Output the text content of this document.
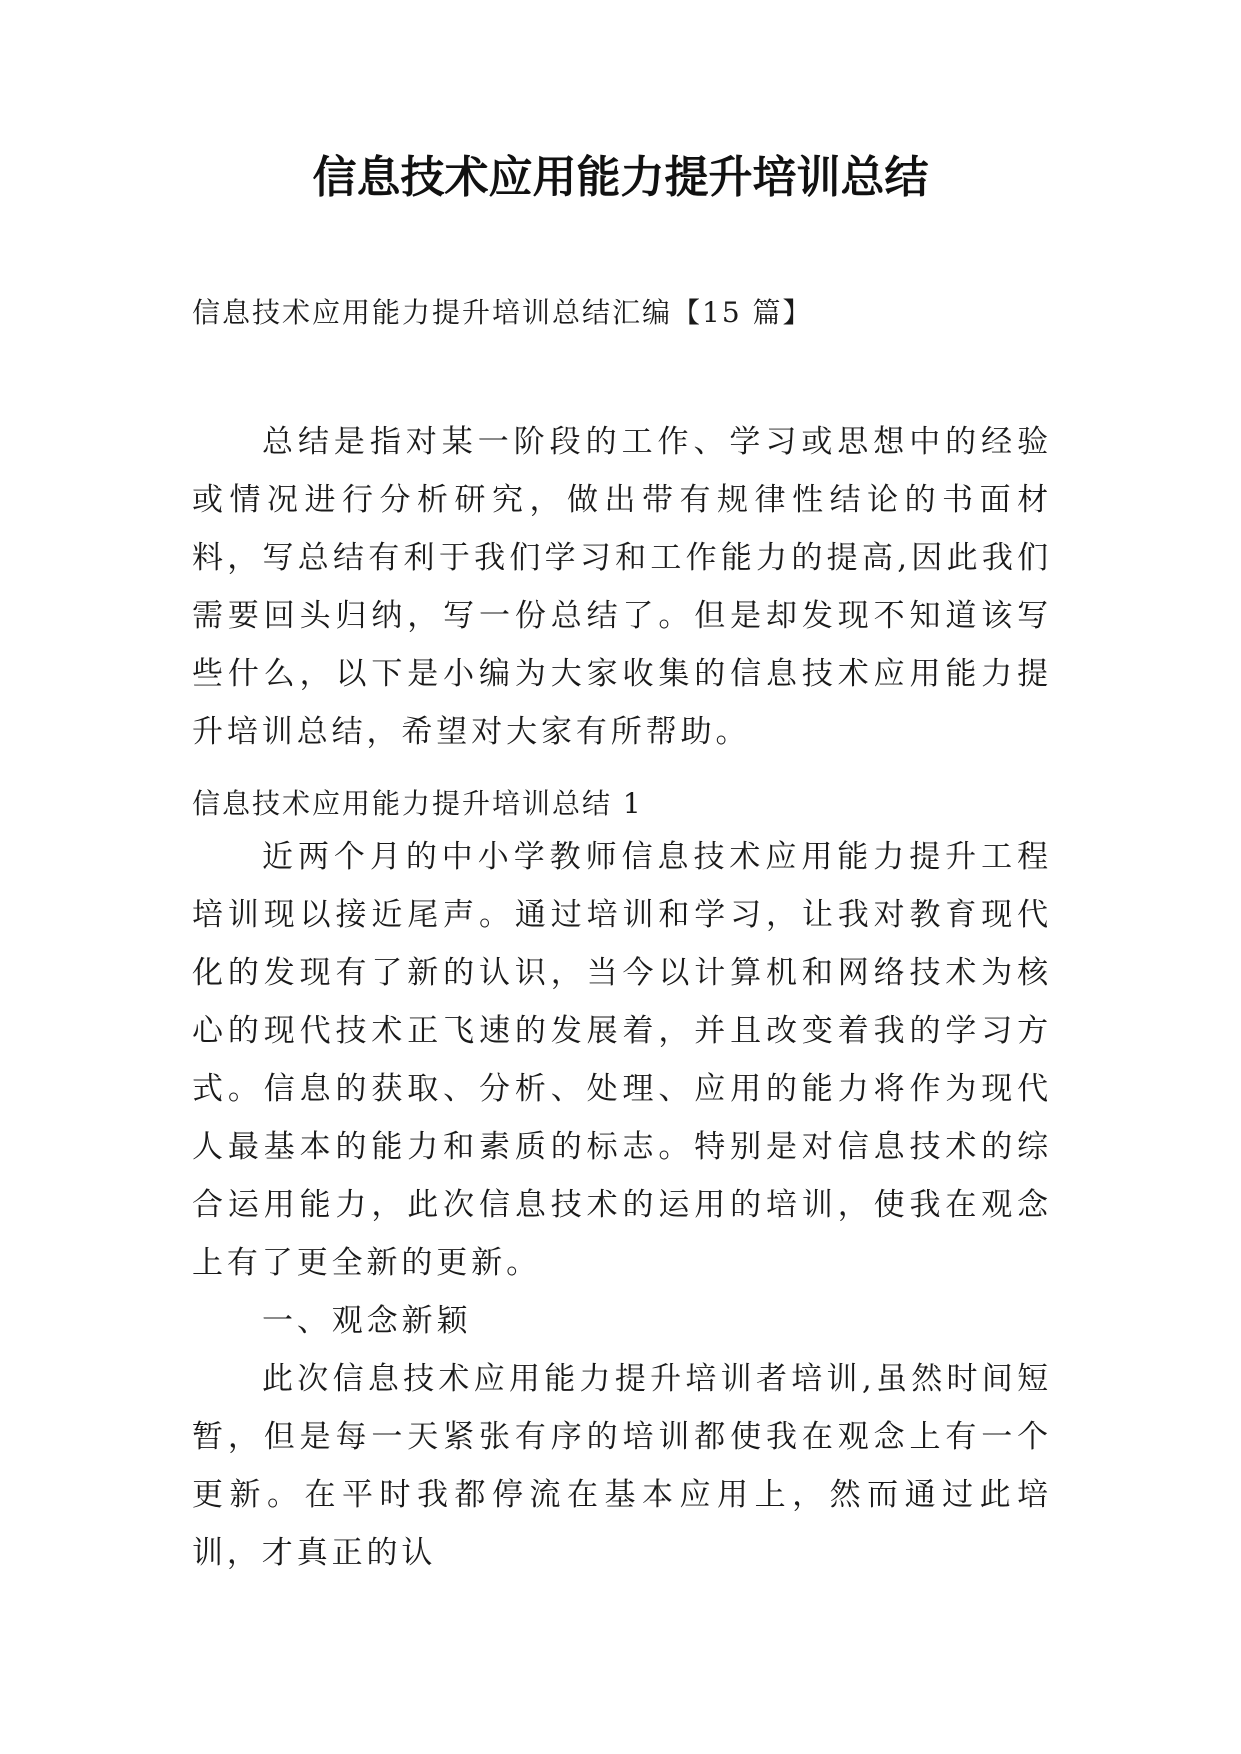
信息技术应用能力提升培训总结

信息技术应用能力提升培训总结汇编【15 篇】

总结是指对某一阶段的工作、学习或思想中的经验或情况进行分析研究，做出带有规律性结论的书面材料，写总结有利于我们学习和工作能力的提高,因此我们需要回头归纳，写一份总结了。但是却发现不知道该写些什么，以下是小编为大家收集的信息技术应用能力提升培训总结，希望对大家有所帮助。

信息技术应用能力提升培训总结 1

近两个月的中小学教师信息技术应用能力提升工程培训现以接近尾声。通过培训和学习，让我对教育现代化的发现有了新的认识，当今以计算机和网络技术为核心的现代技术正飞速的发展着，并且改变着我的学习方式。信息的获取、分析、处理、应用的能力将作为现代人最基本的能力和素质的标志。特别是对信息技术的综合运用能力，此次信息技术的运用的培训，使我在观念上有了更全新的更新。

一、观念新颖

此次信息技术应用能力提升培训者培训,虽然时间短暂，但是每一天紧张有序的培训都使我在观念上有一个更新。在平时我都停流在基本应用上，然而通过此培训，才真正的认
